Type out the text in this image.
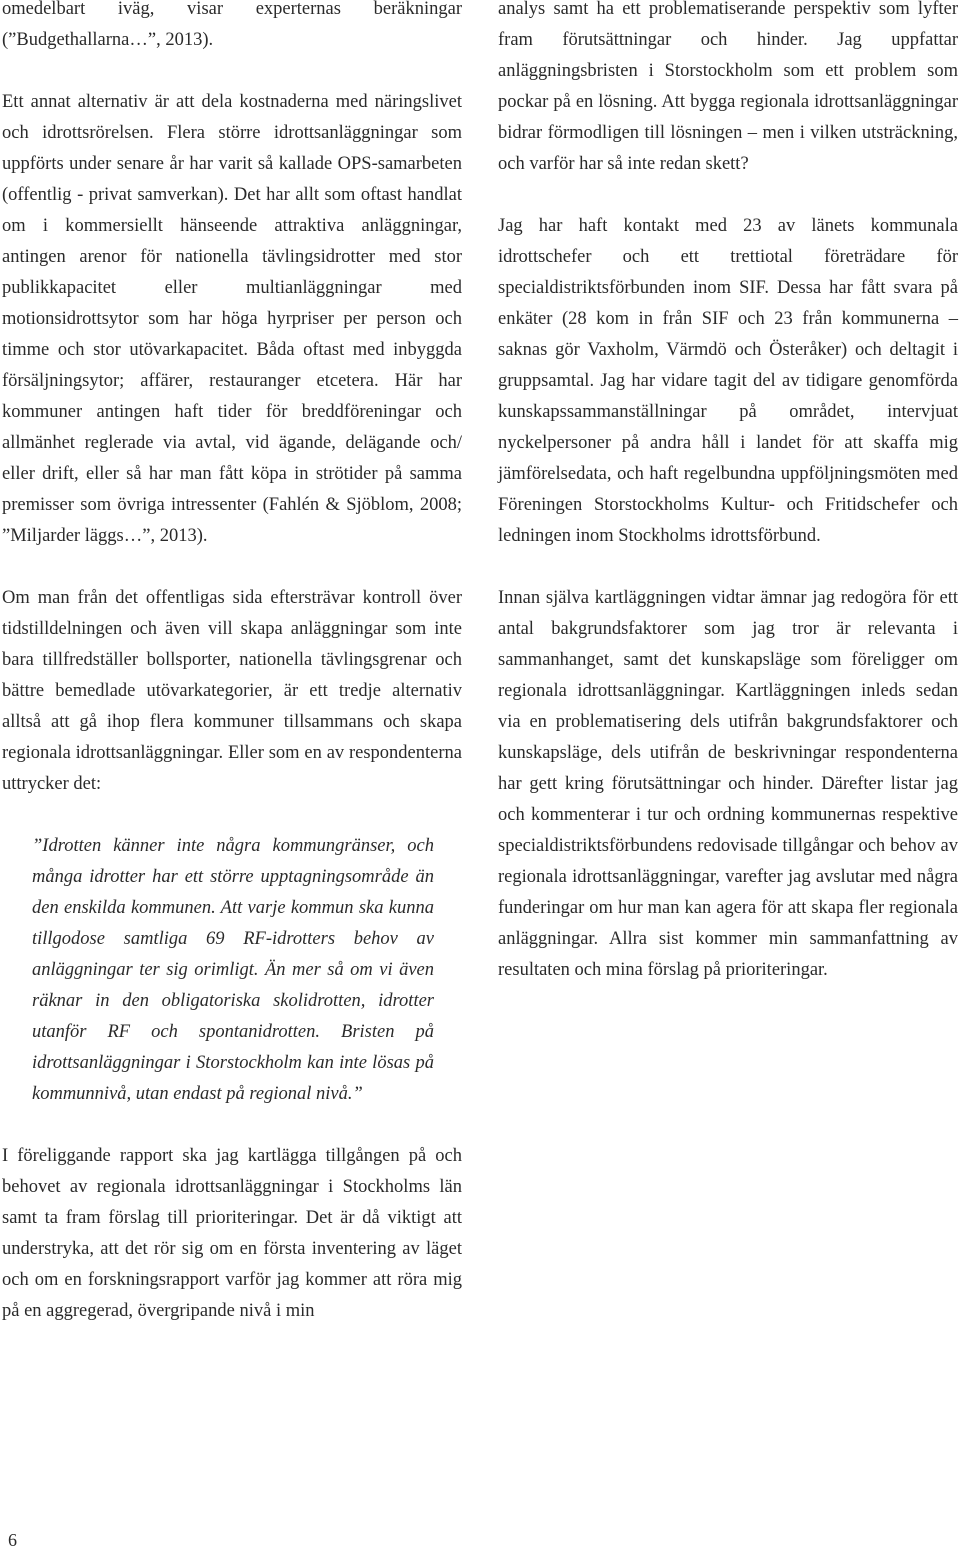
omedelbart iväg, visar experternas beräkningar (”Budgethallarna…”, 2013).

Ett annat alternativ är att dela kostnaderna med näringslivet och idrottsrörelsen. Flera större idrottsanläggningar som uppförts under senare år har varit så kallade OPS-samarbeten (offentlig - privat samverkan). Det har allt som oftast handlat om i kommersiellt hänseende attraktiva anläggningar, antingen arenor för nationella tävlingsidrotter med stor publikkapacitet eller multianläggningar med motionsidrottsytor som har höga hyrpriser per person och timme och stor utövarkapacitet. Båda oftast med inbyggda försäljningsytor; affärer, restauranger etcetera. Här har kommuner antingen haft tider för breddföreningar och allmänhet reglerade via avtal, vid ägande, delägande och/ eller drift, eller så har man fått köpa in strötider på samma premisser som övriga intressenter (Fahlén & Sjöblom, 2008; ”Miljarder läggs…”, 2013).

Om man från det offentligas sida eftersträvar kontroll över tidstilldelningen och även vill skapa anläggningar som inte bara tillfredställer bollsporter, nationella tävlingsgrenar och bättre bemedlade utövarkategorier, är ett tredje alternativ alltså att gå ihop flera kommuner tillsammans och skapa regionala idrottsanläggningar. Eller som en av respondenterna uttrycker det:

”Idrotten känner inte några kommungränser, och många idrotter har ett större upptagningsområde än den enskilda kommunen. Att varje kommun ska kunna tillgodose samtliga 69 RF-idrotters behov av anläggningar ter sig orimligt. Än mer så om vi även räknar in den obligatoriska skolidrotten, idrotter utanför RF och spontanidrotten. Bristen på idrottsanläggningar i Storstockholm kan inte lösas på kommunnivå, utan endast på regional nivå.”

I föreliggande rapport ska jag kartlägga tillgången på och behovet av regionala idrottsanläggningar i Stockholms län samt ta fram förslag till prioriteringar. Det är då viktigt att understryka, att det rör sig om en första inventering av läget och om en forskningsrapport varför jag kommer att röra mig på en aggregerad, övergripande nivå i min

analys samt ha ett problematiserande perspektiv som lyfter fram förutsättningar och hinder. Jag uppfattar anläggningsbristen i Storstockholm som ett problem som pockar på en lösning. Att bygga regionala idrottsanläggningar bidrar förmodligen till lösningen – men i vilken utsträckning, och varför har så inte redan skett?

Jag har haft kontakt med 23 av länets kommunala idrottschefer och ett trettiotal företrädare för specialdistriktsförbunden inom SIF. Dessa har fått svara på enkäter (28 kom in från SIF och 23 från kommunerna – saknas gör Vaxholm, Värmdö och Österåker) och deltagit i gruppsamtal. Jag har vidare tagit del av tidigare genomförda kunskapssammanställningar på området, intervjuat nyckelpersoner på andra håll i landet för att skaffa mig jämförelsedata, och haft regelbundna uppföljningsmöten med Föreningen Storstockholms Kultur- och Fritidschefer och ledningen inom Stockholms idrottsförbund.

Innan själva kartläggningen vidtar ämnar jag redogöra för ett antal bakgrundsfaktorer som jag tror är relevanta i sammanhanget, samt det kunskapsläge som föreligger om regionala idrottsanläggningar. Kartläggningen inleds sedan via en problematisering dels utifrån bakgrundsfaktorer och kunskapsläge, dels utifrån de beskrivningar respondenterna har gett kring förutsättningar och hinder. Därefter listar jag och kommenterar i tur och ordning kommunernas respektive specialdistriktsförbundens redovisade tillgångar och behov av regionala idrottsanläggningar, varefter jag avslutar med några funderingar om hur man kan agera för att skapa fler regionala anläggningar. Allra sist kommer min sammanfattning av resultaten och mina förslag på prioriteringar.

6
